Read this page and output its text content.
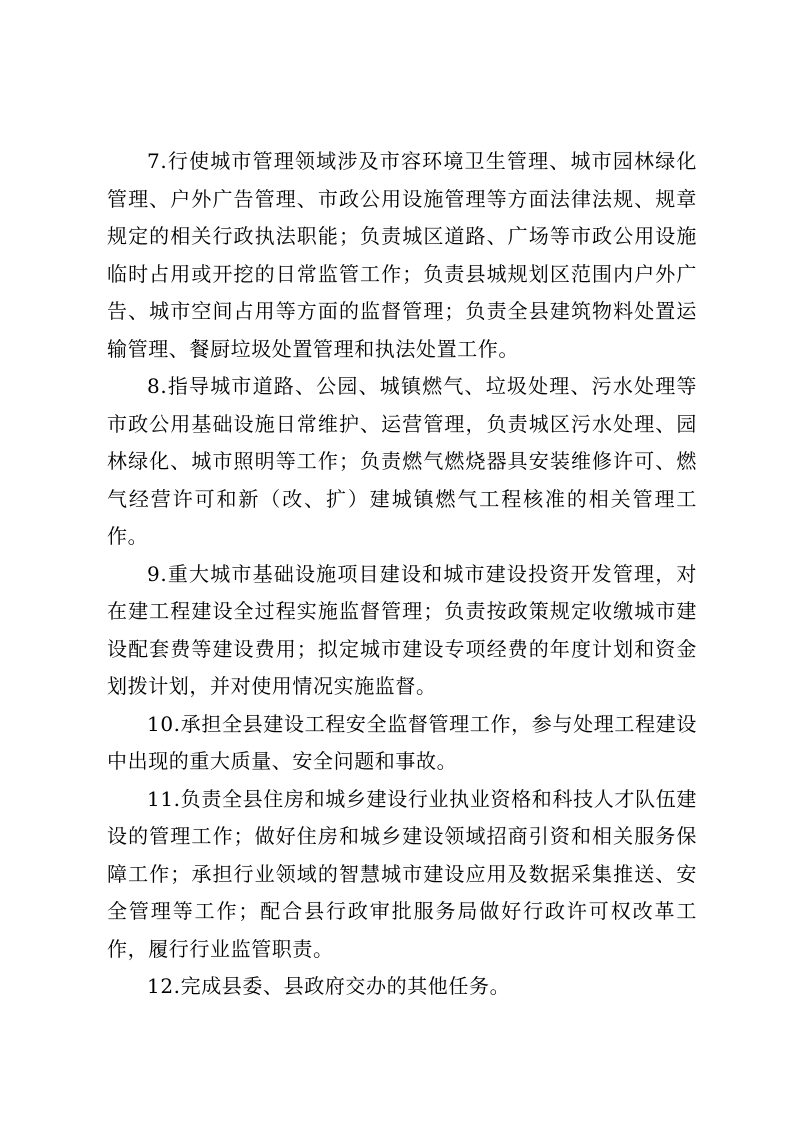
7.行使城市管理领域涉及市容环境卫生管理、城市园林绿化管理、户外广告管理、市政公用设施管理等方面法律法规、规章规定的相关行政执法职能；负责城区道路、广场等市政公用设施临时占用或开挖的日常监管工作；负责县城规划区范围内户外广告、城市空间占用等方面的监督管理；负责全县建筑物料处置运输管理、餐厨垃圾处置管理和执法处置工作。

8.指导城市道路、公园、城镇燃气、垃圾处理、污水处理等市政公用基础设施日常维护、运营管理，负责城区污水处理、园林绿化、城市照明等工作；负责燃气燃烧器具安装维修许可、燃气经营许可和新（改、扩）建城镇燃气工程核准的相关管理工作。

9.重大城市基础设施项目建设和城市建设投资开发管理，对在建工程建设全过程实施监督管理；负责按政策规定收缴城市建设配套费等建设费用；拟定城市建设专项经费的年度计划和资金划拨计划，并对使用情况实施监督。

10.承担全县建设工程安全监督管理工作，参与处理工程建设中出现的重大质量、安全问题和事故。

11.负责全县住房和城乡建设行业执业资格和科技人才队伍建设的管理工作；做好住房和城乡建设领域招商引资和相关服务保障工作；承担行业领域的智慧城市建设应用及数据采集推送、安全管理等工作；配合县行政审批服务局做好行政许可权改革工作，履行行业监管职责。

12.完成县委、县政府交办的其他任务。
